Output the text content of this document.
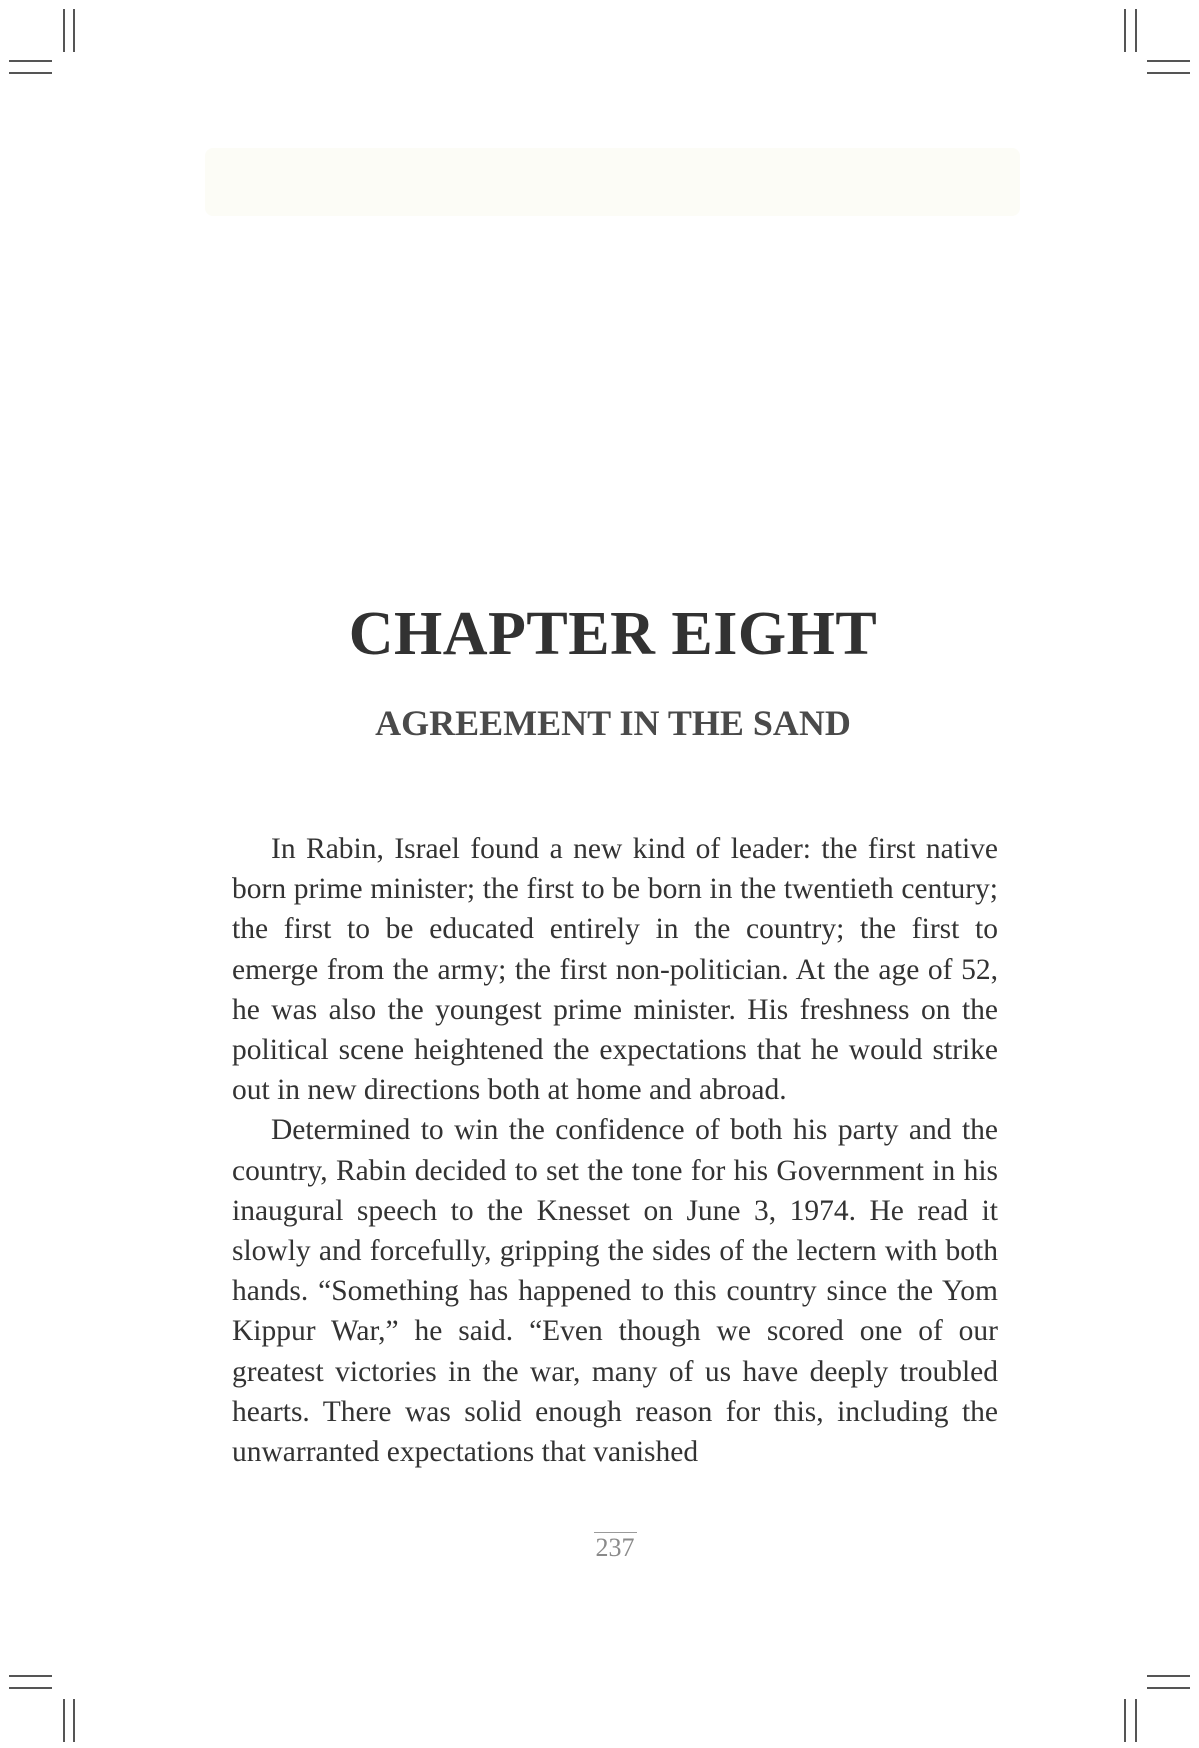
CHAPTER EIGHT
AGREEMENT IN THE SAND

In Rabin, Israel found a new kind of leader: the first native born prime minister; the first to be born in the twentieth century; the first to be educated entirely in the country; the first to emerge from the army; the first non-politician. At the age of 52, he was also the youngest prime minister. His freshness on the political scene heightened the expectations that he would strike out in new directions both at home and abroad.

Determined to win the confidence of both his party and the country, Rabin decided to set the tone for his Government in his inaugural speech to the Knesset on June 3, 1974. He read it slowly and forcefully, gripping the sides of the lectern with both hands. “Something has happened to this country since the Yom Kippur War,” he said. “Even though we scored one of our greatest victories in the war, many of us have deeply troubled hearts. There was solid enough reason for this, including the unwarranted expectations that vanished

237
